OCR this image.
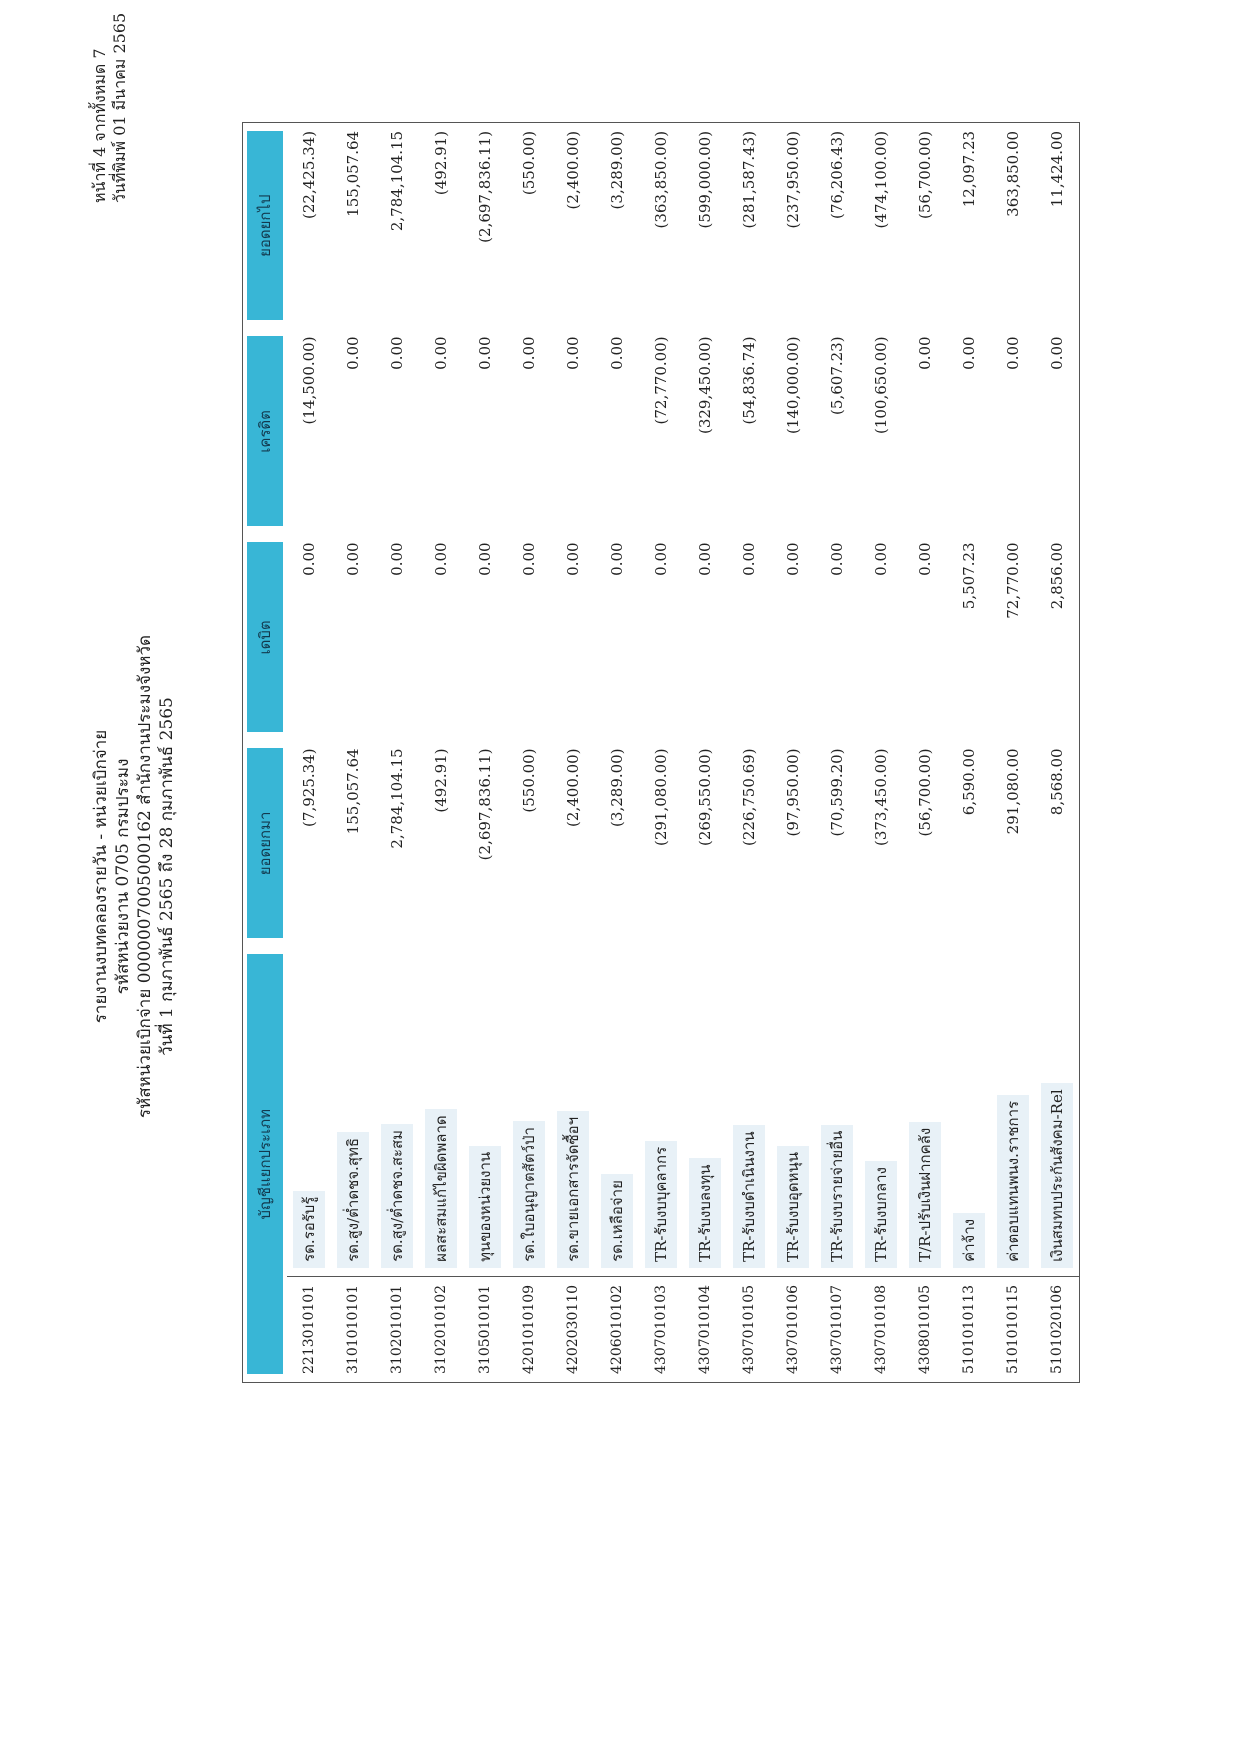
หน้าที่ 4 จากทั้งหมด 7 วันที่พิมพ์ 01 มีนาคม 2565
รายงานงบทดลองรายวัน - หน่วยเบิกจ่าย รหัสหน่วยงาน 0705 กรมประมง รหัสหน่วยเบิกจ่าย 0000007005000162 สำนักงานประมงจังหวัด วันที่ 1 กุมภาพันธ์ 2565 ถึง 28 กุมภาพันธ์ 2565
บัญชีแยกประเภท		ยอดยกมา	เดบิต	เครดิต	ยอดยกไป

2213010101	รด.รอรับรู้	(7,925.34)	0.00	(14,500.00)	(22,425.34)
3101010101	รด.สูง/ต่ำดชจ.สุทธิ	155,057.64	0.00	0.00	155,057.64
3102010101	รด.สูง/ต่ำดชจ.สะสม	2,784,104.15	0.00	0.00	2,784,104.15
3102010102	ผลสะสมแก้ไขผิดพลาด	(492.91)	0.00	0.00	(492.91)
3105010101	ทุนของหน่วยงาน	(2,697,836.11)	0.00	0.00	(2,697,836.11)
4201010109	รด.ใบอนุญาตสัตว์ป่า	(550.00)	0.00	0.00	(550.00)
4202030110	รด.ขายเอกสารจัดซื้อฯ	(2,400.00)	0.00	0.00	(2,400.00)
4206010102	รด.เหลือจ่าย	(3,289.00)	0.00	0.00	(3,289.00)
4307010103	TR-รับงบบุคลากร	(291,080.00)	0.00	(72,770.00)	(363,850.00)
4307010104	TR-รับงบลงทุน	(269,550.00)	0.00	(329,450.00)	(599,000.00)
4307010105	TR-รับงบดำเนินงาน	(226,750.69)	0.00	(54,836.74)	(281,587.43)
4307010106	TR-รับงบอุดหนุน	(97,950.00)	0.00	(140,000.00)	(237,950.00)
4307010107	TR-รับงบรายจ่ายอื่น	(70,599.20)	0.00	(5,607.23)	(76,206.43)
4307010108	TR-รับงบกลาง	(373,450.00)	0.00	(100,650.00)	(474,100.00)
4308010105	T/R-ปรับเงินฝากคลัง	(56,700.00)	0.00	0.00	(56,700.00)
5101010113	ค่าจ้าง	6,590.00	5,507.23	0.00	12,097.23
5101010115	ค่าตอบแทนพนง.ราชการ	291,080.00	72,770.00	0.00	363,850.00
5101020106	เงินสมทบประกันสังคม-Rel	8,568.00	2,856.00	0.00	11,424.00
